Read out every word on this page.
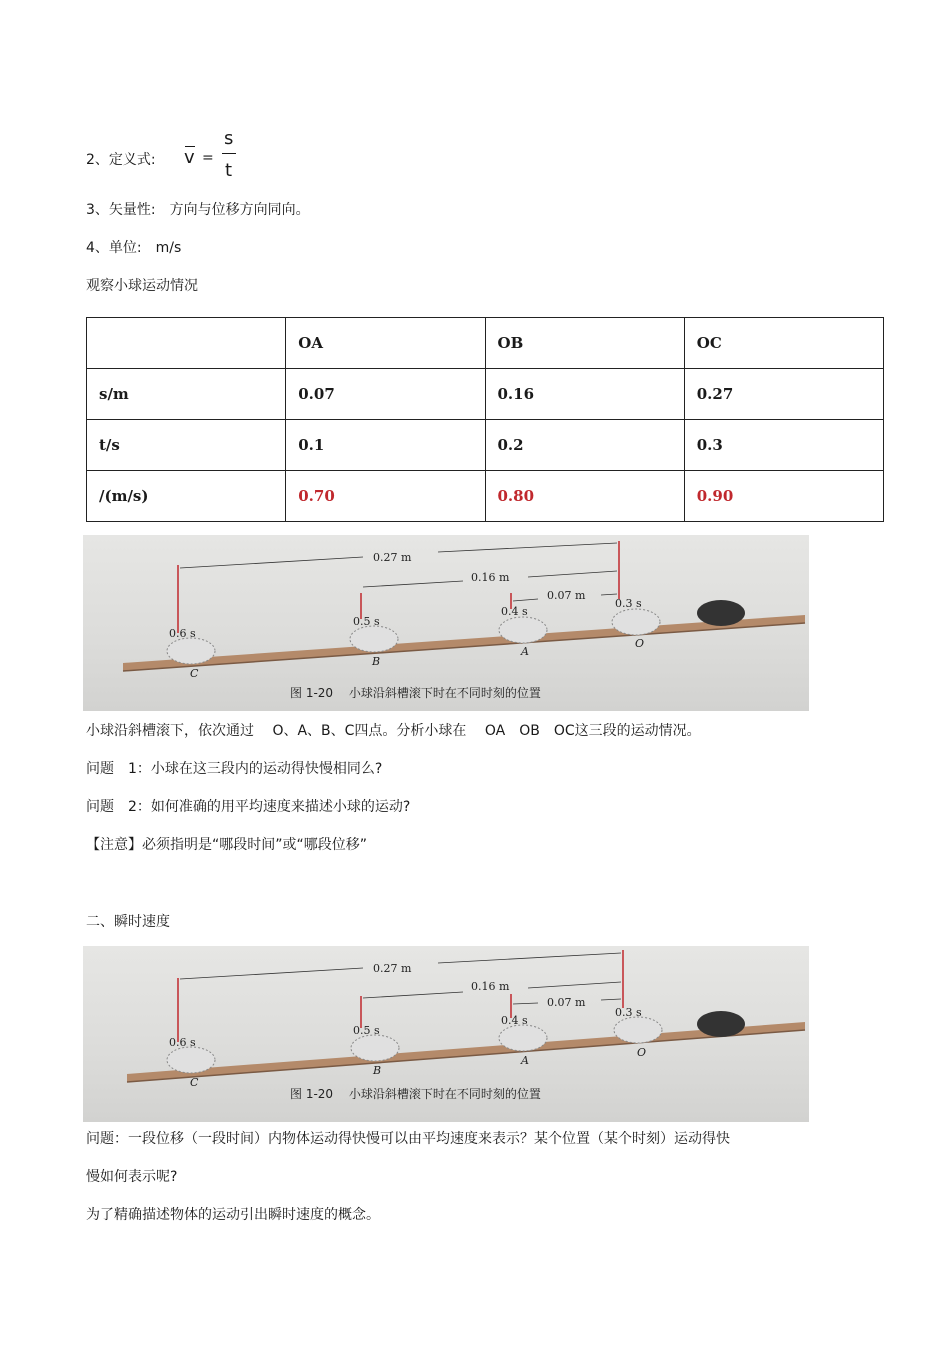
2、定义式: v =
s
t
3、矢量性:　方向与位移方向同向。
4、单位:　m/s
观察小球运动情况
	OA	OB	OC
s/m	0.07	0.16	0.27
t/s	0.1	0.2	0.3
/(m/s)	0.70	0.80	0.90
0.27 m
0.16 m
0.07 m
0.6 s
0.5 s
0.4 s
0.3 s
C
B
A
O
图 1-20　 小球沿斜槽滚下时在不同时刻的位置
小球沿斜槽滚下，依次通过　 O、A、B、C四点。分析小球在　 OA　OB　OC这三段的运动情况。
问题　1：小球在这三段内的运动得快慢相同么?
问题　2：如何准确的用平均速度来描述小球的运动?
【注意】必须指明是“哪段时间”或“哪段位移”
二、瞬时速度
0.27 m
0.16 m
0.07 m
0.6 s
0.5 s
0.4 s
0.3 s
C
B
A
O
图 1-20　 小球沿斜槽滚下时在不同时刻的位置
问题：一段位移（一段时间）内物体运动得快慢可以由平均速度来表示？某个位置（某个时刻）运动得快
慢如何表示呢?
为了精确描述物体的运动引出瞬时速度的概念。
